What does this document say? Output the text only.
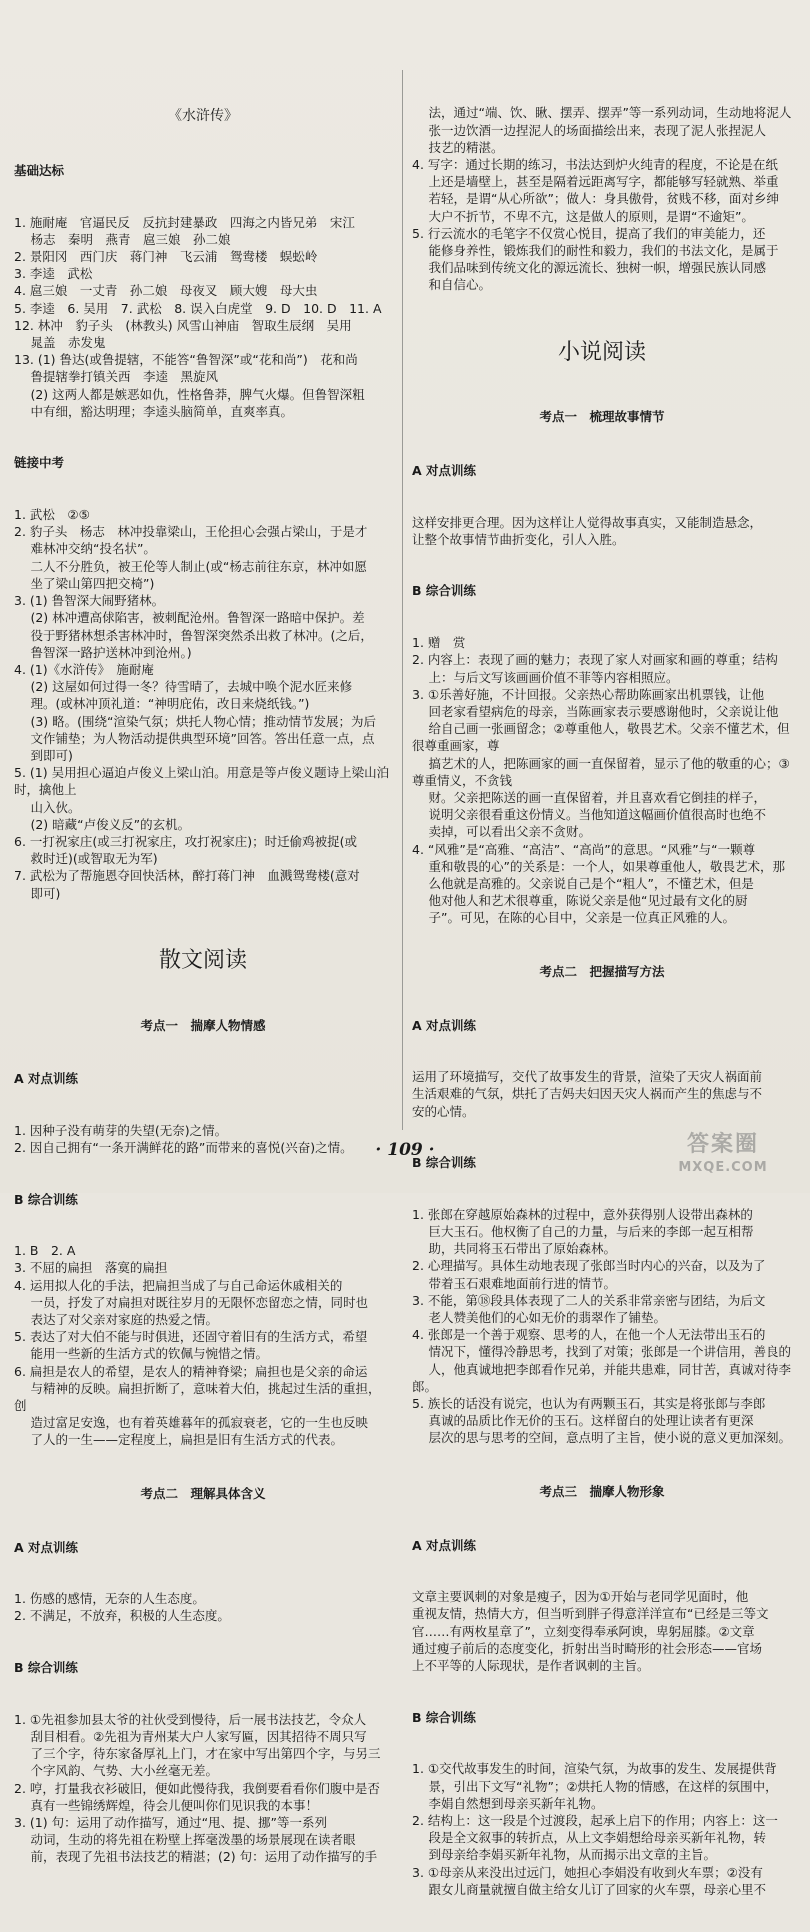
《水浒传》

基础达标

1. 施耐庵　官逼民反　反抗封建暴政　四海之内皆兄弟　宋江
　 杨志　秦明　燕青　扈三娘　孙二娘
2. 景阳冈　西门庆　蒋门神　飞云浦　鸳鸯楼　蜈蚣岭
3. 李逵　武松
4. 扈三娘　一丈青　孙二娘　母夜叉　顾大嫂　母大虫
5. 李逵　6. 吴用　7. 武松　8. 误入白虎堂　9. D　10. D　11. A
12. 林冲　豹子头　(林教头) 风雪山神庙　智取生辰纲　吴用
　 晁盖　赤发鬼
13. (1) 鲁达(或鲁提辖，不能答“鲁智深”或“花和尚”)　花和尚
　 鲁提辖拳打镇关西　李逵　黑旋风
　 (2) 这两人都是嫉恶如仇，性格鲁莽，脾气火爆。但鲁智深粗
　 中有细，豁达明理；李逵头脑简单，直爽率真。

链接中考

1. 武松　②⑤
2. 豹子头　杨志　林冲投靠梁山，王伦担心会强占梁山，于是才
　 难林冲交纳“投名状”。
　 二人不分胜负，被王伦等人制止(或“杨志前往东京，林冲如愿
　 坐了梁山第四把交椅”)
3. (1) 鲁智深大闹野猪林。
　 (2) 林冲遭高俅陷害，被刺配沧州。鲁智深一路暗中保护。差
　 役于野猪林想杀害林冲时，鲁智深突然杀出救了林冲。(之后，
　 鲁智深一路护送林冲到沧州。)
4. (1)《水浒传》　施耐庵
　 (2) 这屋如何过得一冬？待雪晴了，去城中唤个泥水匠来修
　 理。(或林冲顶礼道：“神明庇佑，改日来烧纸钱。”)
　 (3) 略。(围绕“渲染气氛；烘托人物心情；推动情节发展；为后
　 文作铺垫；为人物活动提供典型环境”回答。答出任意一点，点
　 到即可)
5. (1) 吴用担心逼迫卢俊义上梁山泊。用意是等卢俊义题诗上梁山泊时，擒他上
　 山入伙。
　 (2) 暗藏“卢俊义反”的玄机。
6. 一打祝家庄(或三打祝家庄，攻打祝家庄)；时迁偷鸡被捉(或
　 救时迁)(或智取无为军)
7. 武松为了帮施恩夺回快活林，醉打蒋门神　血溅鸳鸯楼(意对
　 即可)

散文阅读

考点一　揣摩人物情感

A 对点训练

1. 因种子没有萌芽的失望(无奈)之情。
2. 因自己拥有“一条开满鲜花的路”而带来的喜悦(兴奋)之情。

B 综合训练

1. B　2. A
3. 不屈的扁担　落寞的扁担
4. 运用拟人化的手法，把扁担当成了与自己命运休戚相关的
　 一员，抒发了对扁担对既往岁月的无限怀恋留恋之情，同时也
　 表达了对父亲对家庭的热爱之情。
5. 表达了对大伯不能与时俱进，还固守着旧有的生活方式，希望
　 能用一些新的生活方式的钦佩与惋惜之情。
6. 扁担是农人的希望，是农人的精神脊梁；扁担也是父亲的命运
　 与精神的反映。扁担折断了，意味着大伯，挑起过生活的重担，创
　 造过富足安逸，也有着英雄暮年的孤寂衰老，它的一生也反映
　 了人的一生——定程度上，扁担是旧有生活方式的代表。

考点二　理解具体含义

A 对点训练

1. 伤感的感情，无奈的人生态度。
2. 不满足，不放弃，积极的人生态度。

B 综合训练

1. ①先祖参加县太爷的社伙受到慢待，后一展书法技艺，令众人
　 刮目相看。②先祖为青州某大户人家写匾，因其招待不周只写
　 了三个字，待东家备厚礼上门，才在家中写出第四个字，与另三
　 个字风韵、气势、大小丝毫无差。
2. 哼，打量我衣衫破旧，便如此慢待我，我倒要看看你们腹中是否
　 真有一些锦绣辉煌，待会儿便叫你们见识我的本事！
3. (1) 句：运用了动作描写，通过“甩、提、挪”等一系列
　 动词，生动的将先祖在粉壁上挥毫泼墨的场景展现在读者眼
　 前，表现了先祖书法技艺的精湛；(2) 句：运用了动作描写的手

　 法，通过“端、饮、瞅、摆弄、摆弄”等一系列动词，生动地将泥人
　 张一边饮酒一边捏泥人的场面描绘出来，表现了泥人张捏泥人
　 技艺的精湛。
4. 写字：通过长期的练习，书法达到炉火纯青的程度，不论是在纸
　 上还是墙壁上，甚至是隔着远距离写字，都能够写轻就熟、举重
　 若轻，是谓“从心所欲”；做人：身具傲骨，贫贱不移，面对乡绅
　 大户不折节，不卑不亢，这是做人的原则，是谓“不逾矩”。
5. 行云流水的毛笔字不仅赏心悦目，提高了我们的审美能力，还
　 能修身养性，锻炼我们的耐性和毅力，我们的书法文化，是属于
　 我们品味到传统文化的源远流长、独树一帜，增强民族认同感
　 和自信心。

小说阅读

考点一　梳理故事情节

A 对点训练

这样安排更合理。因为这样让人觉得故事真实，又能制造悬念，
让整个故事情节曲折变化，引人入胜。

B 综合训练

1. 赠　赏
2. 内容上：表现了画的魅力；表现了家人对画家和画的尊重；结构
　 上：与后文写该画画价值不菲等内容相照应。
3. ①乐善好施，不计回报。父亲热心帮助陈画家出机票钱，让他
　 回老家看望病危的母亲，当陈画家表示要感谢他时，父亲说让他
　 给自己画一张画留念；②尊重他人，敬畏艺术。父亲不懂艺术，但很尊重画家，尊
　 搞艺术的人，把陈画家的画一直保留着，显示了他的敬重的心；③尊重情义，不贪钱
　 财。父亲把陈送的画一直保留着，并且喜欢看它倒挂的样子，
　 说明父亲很看重这份情义。当他知道这幅画价值很高时也绝不
　 卖掉，可以看出父亲不贪财。
4. “风雅”是“高雅、“高洁”、“高尚”的意思。“风雅”与“一颗尊
　 重和敬畏的心”的关系是：一个人，如果尊重他人，敬畏艺术，那
　 么他就是高雅的。父亲说自己是个“粗人”，不懂艺术，但是
　 他对他人和艺术很尊重，陈说父亲是他“见过最有文化的厨
　 子”。可见，在陈的心目中，父亲是一位真正风雅的人。

考点二　把握描写方法

A 对点训练

运用了环境描写，交代了故事发生的背景，渲染了天灾人祸面前
生活艰难的气氛，烘托了吉妈夫妇因天灾人祸而产生的焦虑与不
安的心情。

B 综合训练

1. 张郎在穿越原始森林的过程中，意外获得别人设带出森林的
　 巨大玉石。他权衡了自己的力量，与后来的李郎一起互相帮
　 助，共同将玉石带出了原始森林。
2. 心理描写。具体生动地表现了张郎当时内心的兴奋，以及为了
　 带着玉石艰难地面前行进的情节。
3. 不能，第⑱段具体表现了二人的关系非常亲密与团结，为后文
　 老人赞美他们的心如无价的翡翠作了铺垫。
4. 张郎是一个善于观察、思考的人，在他一个人无法带出玉石的
　 情况下，懂得冷静思考，找到了对策；张郎是一个讲信用，善良的
　 人，他真诚地把李郎看作兄弟，并能共患难，同甘苦，真诚对待李郎。
5. 族长的话没有说完，也认为有两颗玉石，其实是将张郎与李郎
　 真诚的品质比作无价的玉石。这样留白的处理让读者有更深
　 层次的思与思考的空间，意点明了主旨，使小说的意义更加深刻。

考点三　揣摩人物形象

A 对点训练

文章主要讽刺的对象是瘦子，因为①开始与老同学见面时，他
重视友情，热情大方，但当听到胖子得意洋洋宣布“已经是三等文
官……有两枚星章了”，立刻变得奉承阿谀，卑躬屈膝。②文章
通过瘦子前后的态度变化，折射出当时畸形的社会形态——官场
上不平等的人际现状，是作者讽刺的主旨。

B 综合训练

1. ①交代故事发生的时间，渲染气氛，为故事的发生、发展提供背
　 景，引出下文写“礼物”；②烘托人物的情感，在这样的氛围中，
　 李娟自然想到母亲买新年礼物。
2. 结构上：这一段是个过渡段，起承上启下的作用；内容上：这一
　 段是全文叙事的转折点，从上文李娟想给母亲买新年礼物，转
　 到母亲给李娟买新年礼物，从而揭示出文章的主旨。
3. ①母亲从来没出过远门，她担心李娟没有收到火车票；②没有
　 跟女儿商量就擅自做主给女儿订了回家的火车票，母亲心里不

· 109 ·	答案圈
MXQE.COM
